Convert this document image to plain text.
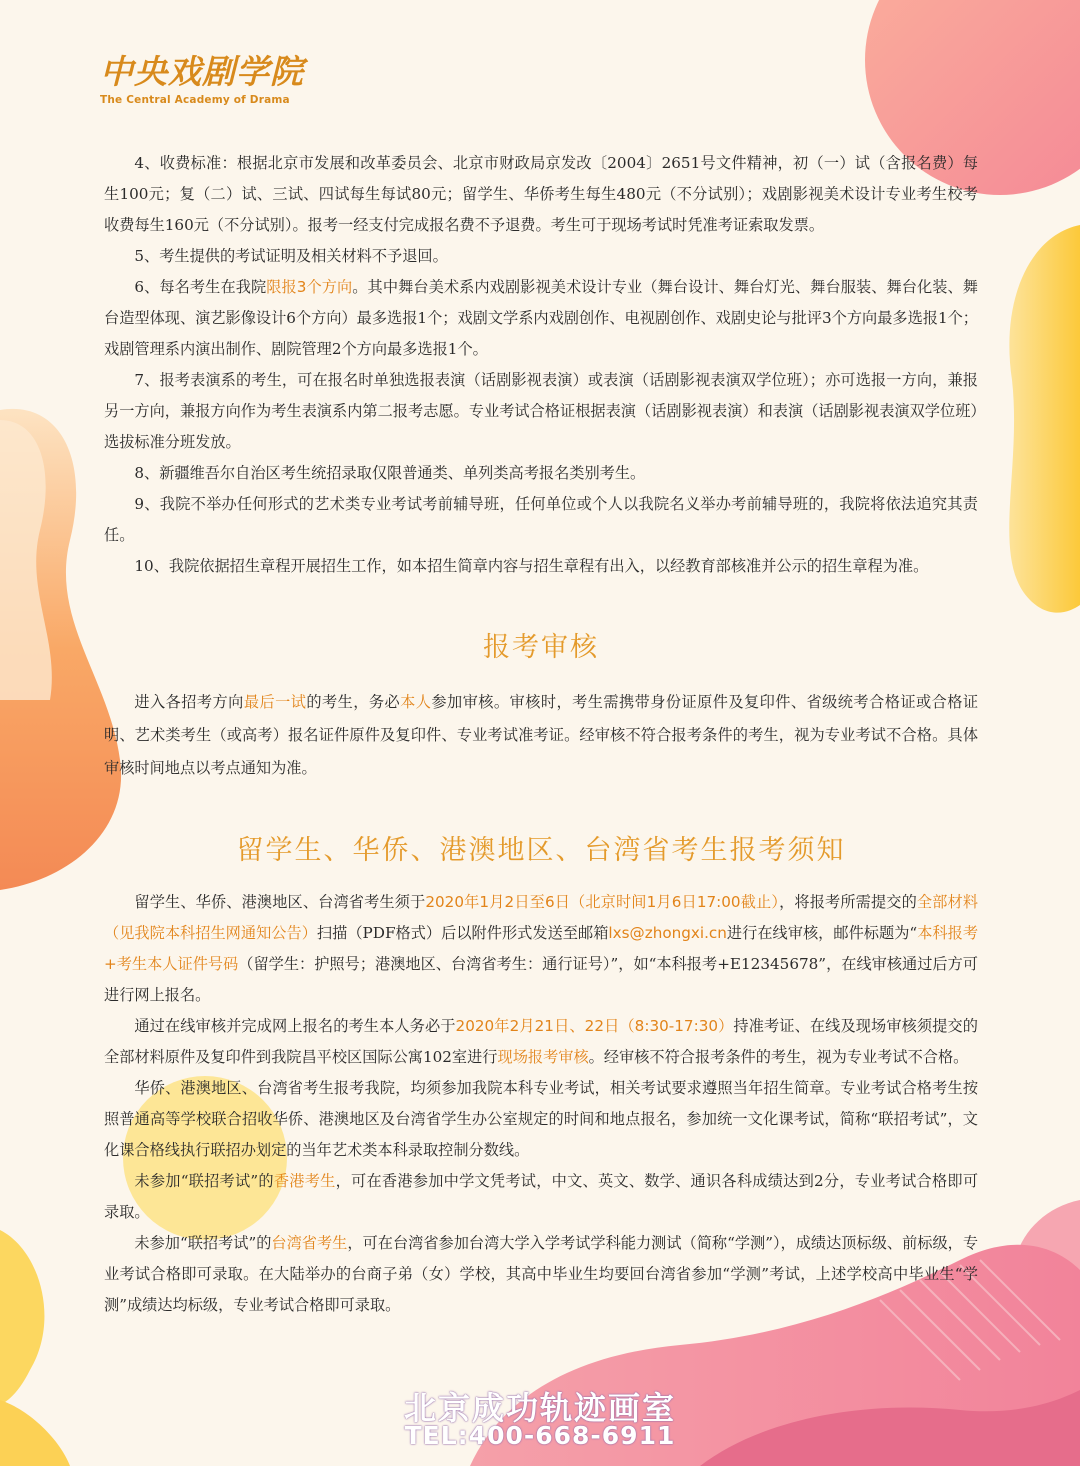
中央戏剧学院
The Central Academy of Drama

4、收费标准：根据北京市发展和改革委员会、北京市财政局京发改〔2004〕2651号文件精神，初（一）试（含报名费）每生100元；复（二）试、三试、四试每生每试80元；留学生、华侨考生每生480元（不分试别）；戏剧影视美术设计专业考生校考收费每生160元（不分试别）。报考一经支付完成报名费不予退费。考生可于现场考试时凭准考证索取发票。

5、考生提供的考试证明及相关材料不予退回。

6、每名考生在我院限报3个方向。其中舞台美术系内戏剧影视美术设计专业（舞台设计、舞台灯光、舞台服装、舞台化装、舞台造型体现、演艺影像设计6个方向）最多选报1个；戏剧文学系内戏剧创作、电视剧创作、戏剧史论与批评3个方向最多选报1个；戏剧管理系内演出制作、剧院管理2个方向最多选报1个。

7、报考表演系的考生，可在报名时单独选报表演（话剧影视表演）或表演（话剧影视表演双学位班）；亦可选报一方向，兼报另一方向，兼报方向作为考生表演系内第二报考志愿。专业考试合格证根据表演（话剧影视表演）和表演（话剧影视表演双学位班）选拔标准分班发放。

8、新疆维吾尔自治区考生统招录取仅限普通类、单列类高考报名类别考生。

9、我院不举办任何形式的艺术类专业考试考前辅导班，任何单位或个人以我院名义举办考前辅导班的，我院将依法追究其责任。

10、我院依据招生章程开展招生工作，如本招生简章内容与招生章程有出入，以经教育部核准并公示的招生章程为准。

报考审核

进入各招考方向最后一试的考生，务必本人参加审核。审核时，考生需携带身份证原件及复印件、省级统考合格证或合格证明、艺术类考生（或高考）报名证件原件及复印件、专业考试准考证。经审核不符合报考条件的考生，视为专业考试不合格。具体审核时间地点以考点通知为准。

留学生、华侨、港澳地区、台湾省考生报考须知

留学生、华侨、港澳地区、台湾省考生须于2020年1月2日至6日（北京时间1月6日17:00截止），将报考所需提交的全部材料（见我院本科招生网通知公告）扫描（PDF格式）后以附件形式发送至邮箱lxs@zhongxi.cn进行在线审核，邮件标题为“本科报考+考生本人证件号码（留学生：护照号；港澳地区、台湾省考生：通行证号）”，如“本科报考+E12345678”，在线审核通过后方可进行网上报名。

通过在线审核并完成网上报名的考生本人务必于2020年2月21日、22日（8:30-17:30）持准考证、在线及现场审核须提交的全部材料原件及复印件到我院昌平校区国际公寓102室进行现场报考审核。经审核不符合报考条件的考生，视为专业考试不合格。

华侨、港澳地区、台湾省考生报考我院，均须参加我院本科专业考试，相关考试要求遵照当年招生简章。专业考试合格考生按照普通高等学校联合招收华侨、港澳地区及台湾省学生办公室规定的时间和地点报名，参加统一文化课考试，简称“联招考试”，文化课合格线执行联招办划定的当年艺术类本科录取控制分数线。

未参加“联招考试”的香港考生，可在香港参加中学文凭考试，中文、英文、数学、通识各科成绩达到2分，专业考试合格即可录取。

未参加“联招考试”的台湾省考生，可在台湾省参加台湾大学入学考试学科能力测试（简称“学测”），成绩达顶标级、前标级，专业考试合格即可录取。在大陆举办的台商子弟（女）学校，其高中毕业生均要回台湾省参加“学测”考试，上述学校高中毕业生“学测”成绩达均标级，专业考试合格即可录取。

北京成功轨迹画室
TEL:400-668-6911
